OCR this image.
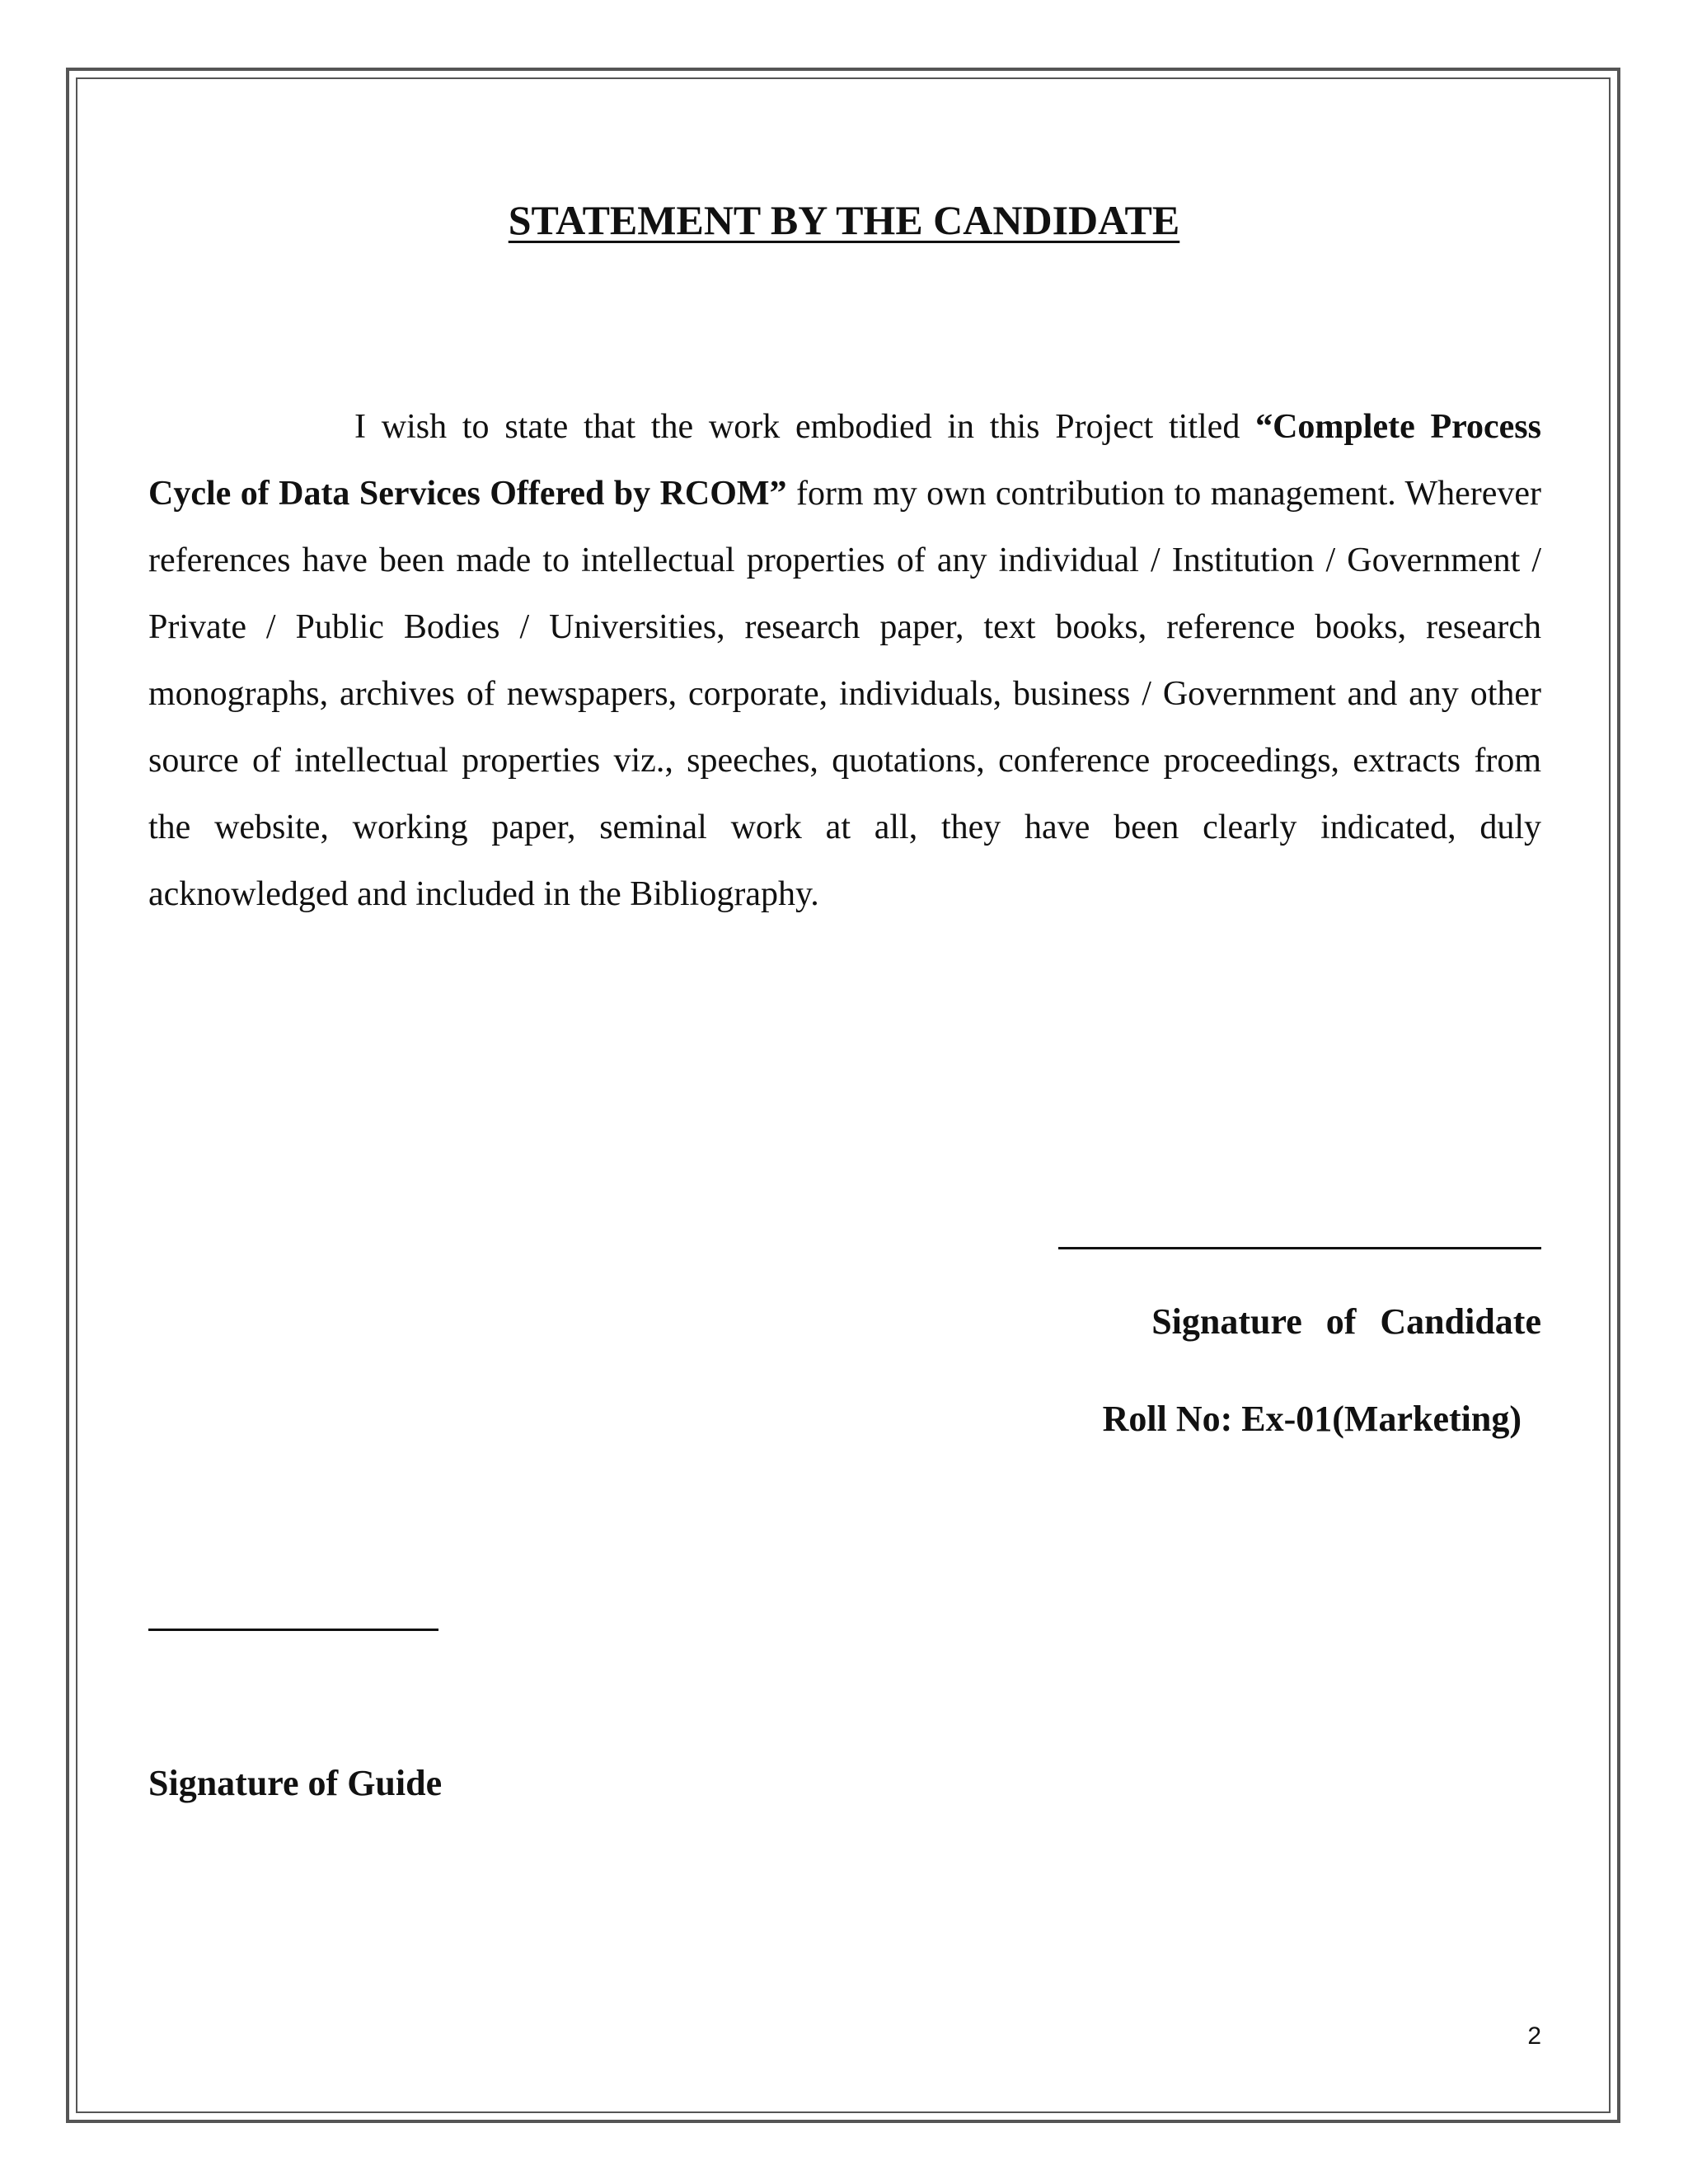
STATEMENT BY THE CANDIDATE

I wish to state that the work embodied in this Project titled “Complete Process Cycle of Data Services Offered by RCOM” form my own contribution to management. Wherever references have been made to intellectual properties of any individual / Institution / Government / Private / Public Bodies / Universities, research paper, text books, reference books, research monographs, archives of newspapers, corporate, individuals, business / Government and any other source of intellectual properties viz., speeches, quotations, conference proceedings, extracts from the website, working paper, seminal work at all, they have been clearly indicated, duly acknowledged and included in the Bibliography.

Signature of Candidate
Roll No: Ex-01(Marketing)
Signature of Guide
2
